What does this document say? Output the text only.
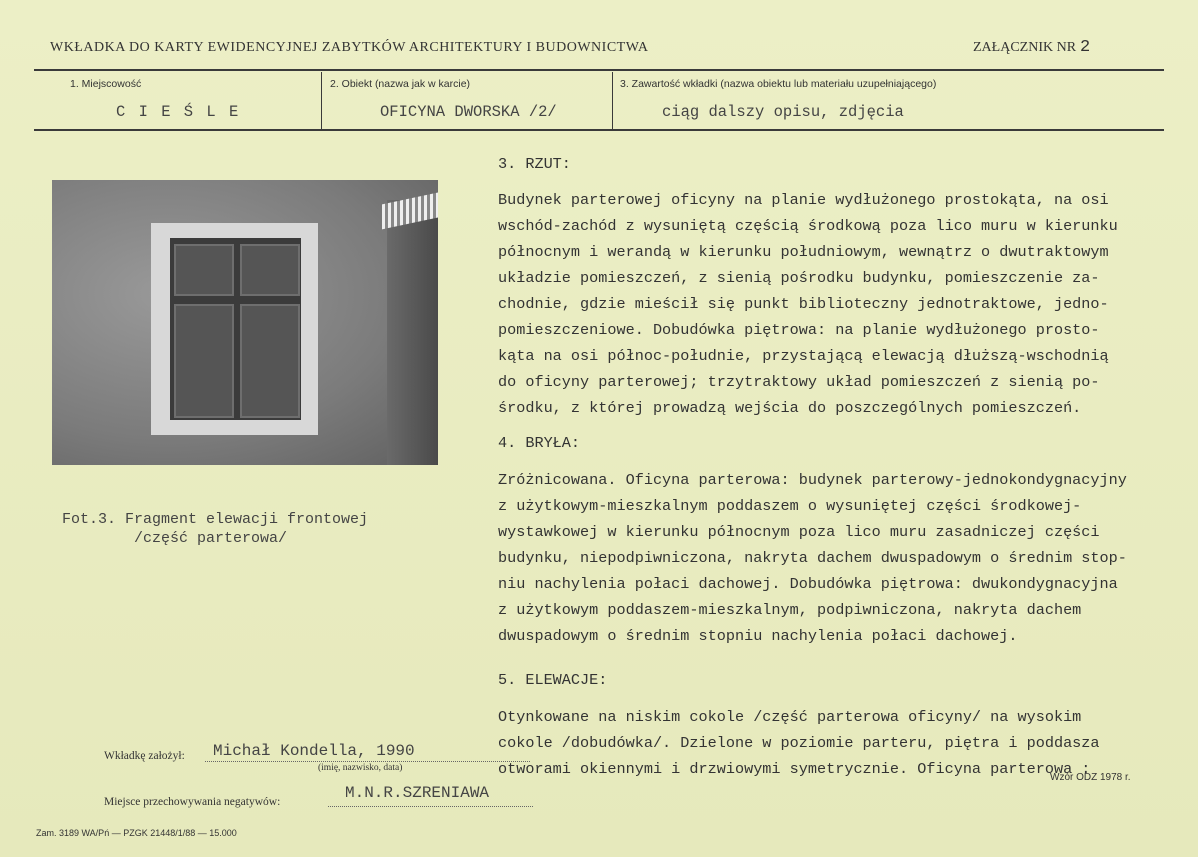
WKŁADKA DO KARTY EWIDENCYJNEJ ZABYTKÓW ARCHITEKTURY I BUDOWNICTWA	ZAŁĄCZNIK NR 2
1. Miejscowość
C I E Ś L E
2. Obiekt (nazwa jak w karcie)
OFICYNA DWORSKA /2/
3. Zawartość wkładki (nazwa obiektu lub materiału uzupełniającego)
ciąg dalszy opisu, zdjęcia
Fot.3. Fragment elewacji frontowej
/część parterowa/
3. RZUT:
Budynek parterowej oficyny na planie wydłużonego prostokąta, na osi
wschód-zachód z wysuniętą częścią środkową poza lico muru w kierunku
północnym i werandą w kierunku południowym, wewnątrz o dwutraktowym
układzie pomieszczeń, z sienią pośrodku budynku, pomieszczenie za-
chodnie, gdzie mieścił się punkt biblioteczny jednotraktowe, jedno-
pomieszczeniowe. Dobudówka piętrowa: na planie wydłużonego prosto-
kąta na osi północ-południe, przystającą elewacją dłuższą-wschodnią
do oficyny parterowej; trzytraktowy układ pomieszczeń z sienią po-
środku, z której prowadzą wejścia do poszczególnych pomieszczeń.
4. BRYŁA:
Zróżnicowana. Oficyna parterowa: budynek parterowy-jednokondygnacyjny
z użytkowym-mieszkalnym poddaszem o wysuniętej części środkowej-
wystawkowej w kierunku północnym poza lico muru zasadniczej części
budynku, niepodpiwniczona, nakryta dachem dwuspadowym o średnim stop-
niu nachylenia połaci dachowej. Dobudówka piętrowa: dwukondygnacyjna
z użytkowym poddaszem-mieszkalnym, podpiwniczona, nakryta dachem
dwuspadowym o średnim stopniu nachylenia połaci dachowej.
5. ELEWACJE:
Otynkowane na niskim cokole /część parterowa oficyny/ na wysokim
cokole /dobudówka/. Dzielone w poziomie parteru, piętra i poddasza
otworami okiennymi i drzwiowymi symetrycznie. Oficyna parterowa :
Wkładkę założył: Michał Kondella, 1990
(imię, nazwisko, data)
Miejsce przechowywania negatywów:	M.N.R.SZRENIAWA
Zam. 3189 WA/Pń — PZGK 21448/1/88 — 15.000
Wzór ODZ 1978 r.
